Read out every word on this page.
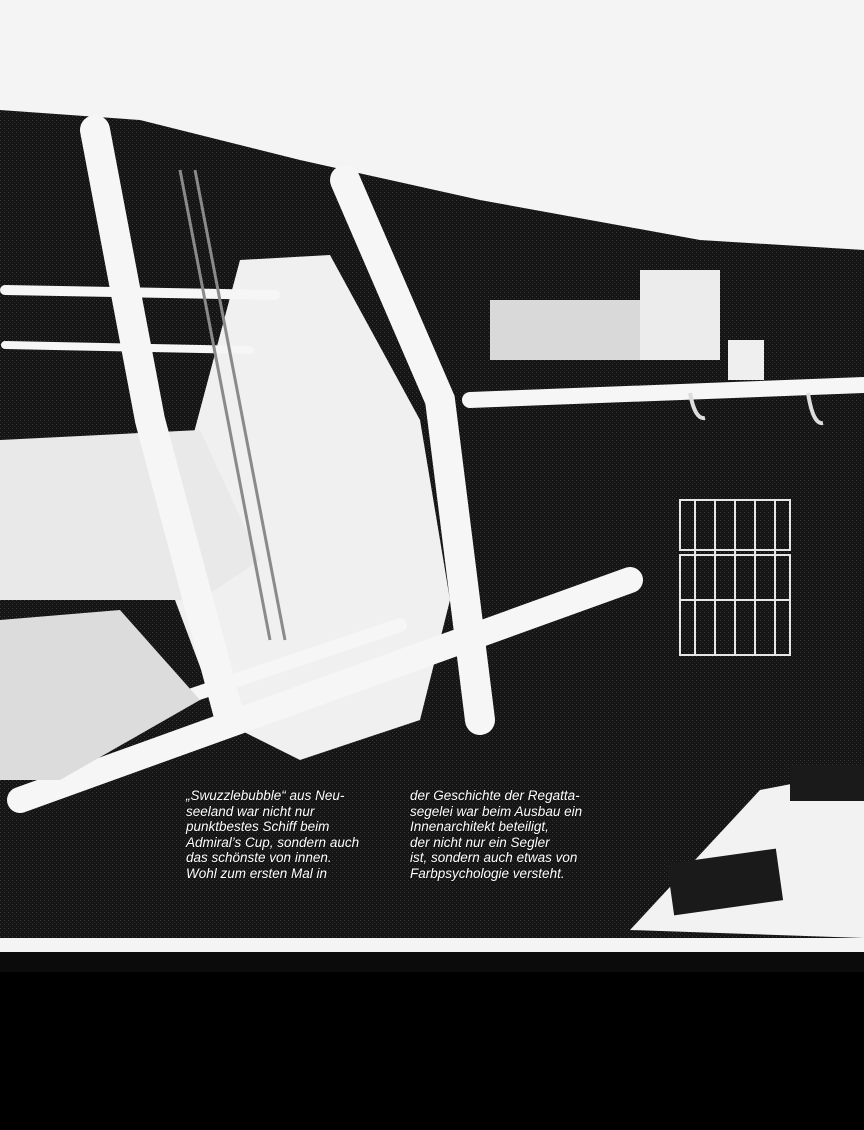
„Swuzzlebubble“ aus Neu-
seeland war nicht nur
punktbestes Schiff beim
Admiral’s Cup, sondern auch
das schönste von innen.
Wohl zum ersten Mal in
der Geschichte der Regatta-
segelei war beim Ausbau ein
Innenarchitekt beteiligt,
der nicht nur ein Segler
ist, sondern auch etwas von
Farbpsychologie versteht.
